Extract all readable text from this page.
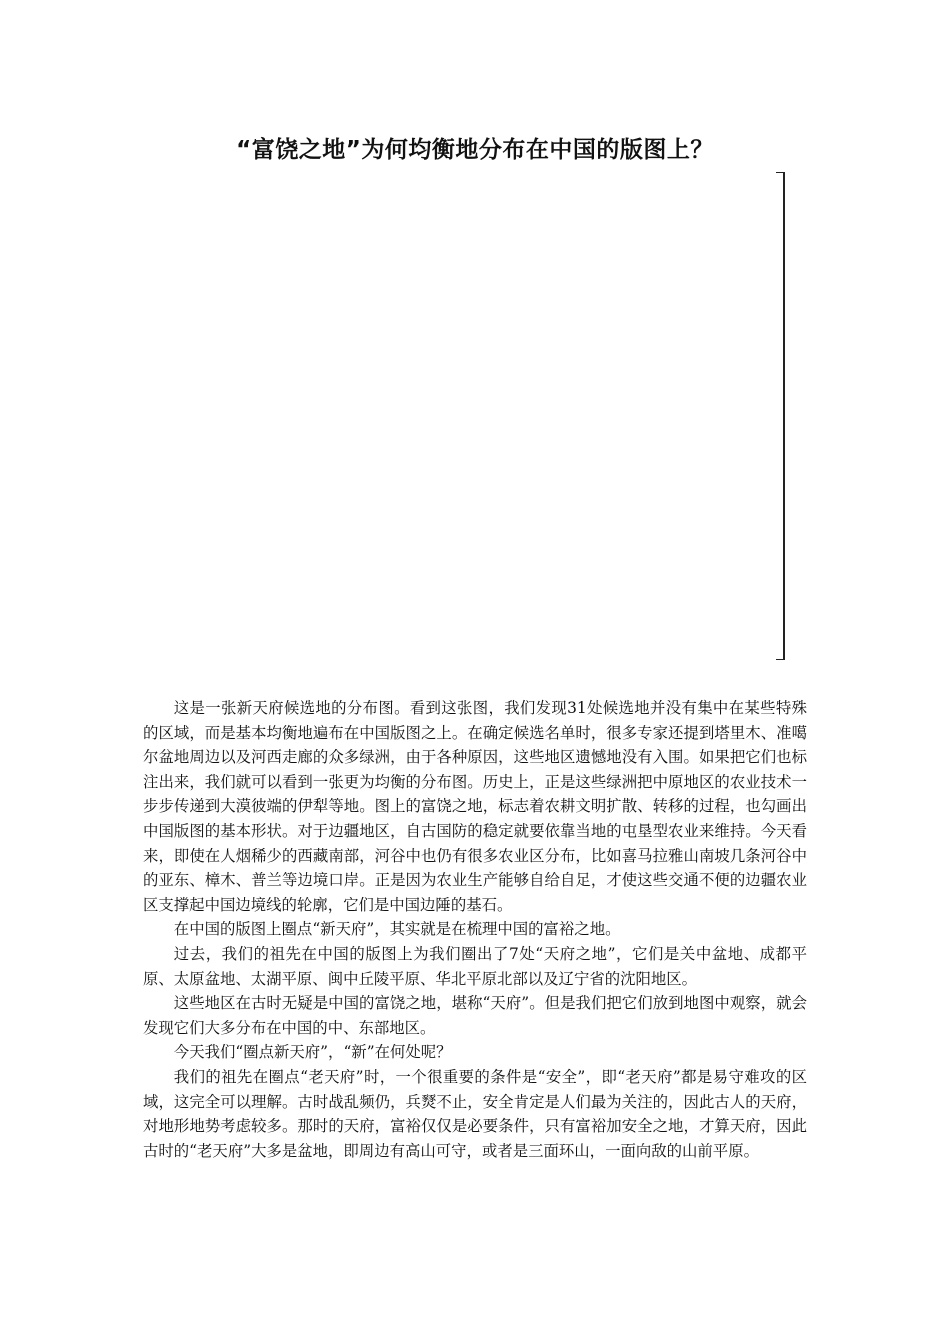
“富饶之地”为何均衡地分布在中国的版图上？

这是一张新天府候选地的分布图。看到这张图，我们发现31处候选地并没有集中在某些特殊的区域，而是基本均衡地遍布在中国版图之上。在确定候选名单时，很多专家还提到塔里木、准噶尔盆地周边以及河西走廊的众多绿洲，由于各种原因，这些地区遗憾地没有入围。如果把它们也标注出来，我们就可以看到一张更为均衡的分布图。历史上，正是这些绿洲把中原地区的农业技术一步步传递到大漠彼端的伊犁等地。图上的富饶之地，标志着农耕文明扩散、转移的过程，也勾画出中国版图的基本形状。对于边疆地区，自古国防的稳定就要依靠当地的屯垦型农业来维持。今天看来，即使在人烟稀少的西藏南部，河谷中也仍有很多农业区分布，比如喜马拉雅山南坡几条河谷中的亚东、樟木、普兰等边境口岸。正是因为农业生产能够自给自足，才使这些交通不便的边疆农业区支撑起中国边境线的轮廓，它们是中国边陲的基石。

在中国的版图上圈点“新天府”，其实就是在梳理中国的富裕之地。

过去，我们的祖先在中国的版图上为我们圈出了7处“天府之地”，它们是关中盆地、成都平原、太原盆地、太湖平原、闽中丘陵平原、华北平原北部以及辽宁省的沈阳地区。

这些地区在古时无疑是中国的富饶之地，堪称“天府”。但是我们把它们放到地图中观察，就会发现它们大多分布在中国的中、东部地区。

今天我们“圈点新天府”，“新”在何处呢？

我们的祖先在圈点“老天府”时，一个很重要的条件是“安全”，即“老天府”都是易守难攻的区域，这完全可以理解。古时战乱频仍，兵燹不止，安全肯定是人们最为关注的，因此古人的天府，对地形地势考虑较多。那时的天府，富裕仅仅是必要条件，只有富裕加安全之地，才算天府，因此古时的“老天府”大多是盆地，即周边有高山可守，或者是三面环山，一面向敌的山前平原。
